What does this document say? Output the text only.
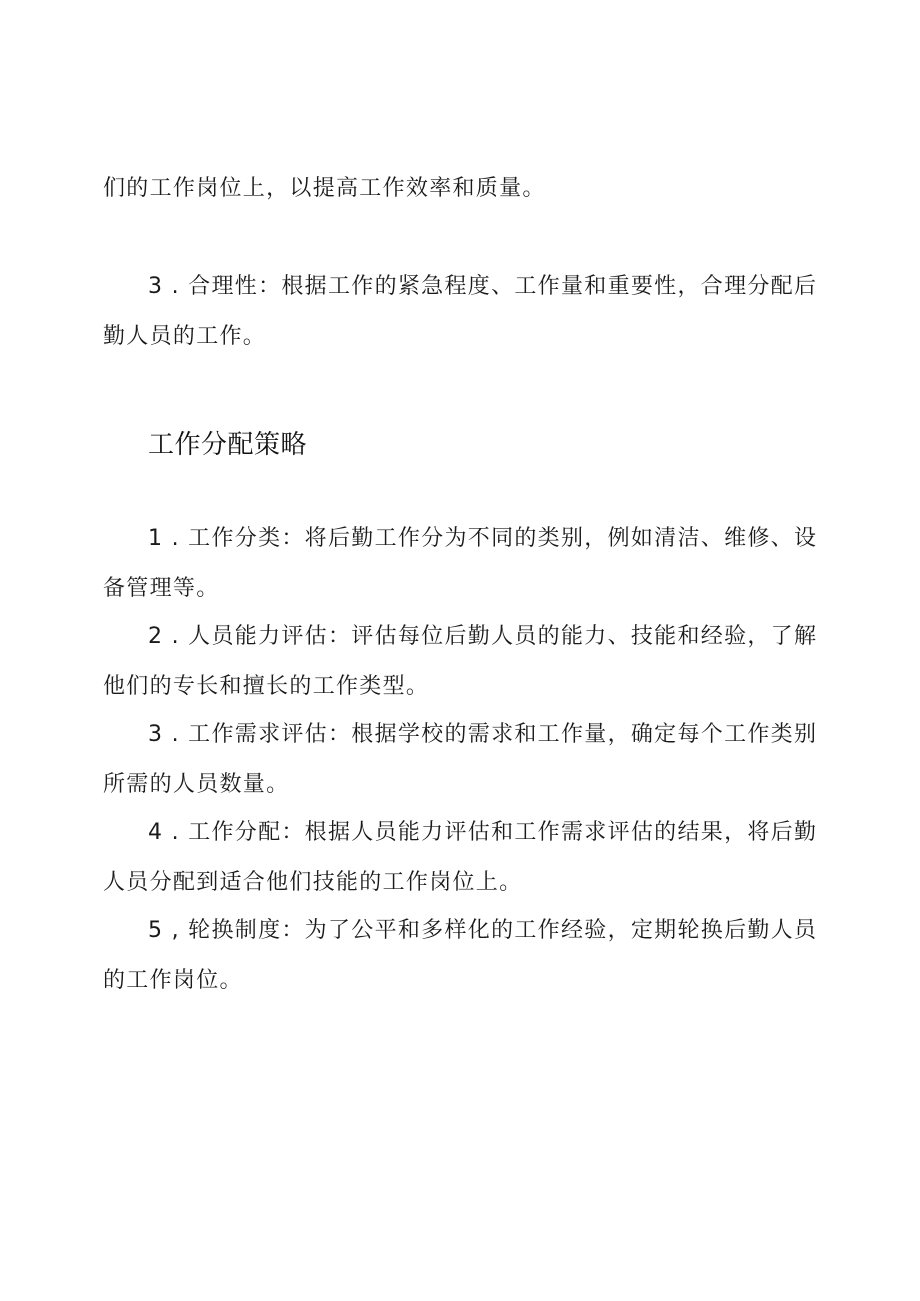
们的工作岗位上，以提高工作效率和质量。

3 . 合理性：根据工作的紧急程度、工作量和重要性，合理分配后勤人员的工作。

工作分配策略

1 . 工作分类：将后勤工作分为不同的类别，例如清洁、维修、设备管理等。

2 . 人员能力评估：评估每位后勤人员的能力、技能和经验，了解他们的专长和擅长的工作类型。

3 . 工作需求评估：根据学校的需求和工作量，确定每个工作类别所需的人员数量。

4 . 工作分配：根据人员能力评估和工作需求评估的结果，将后勤人员分配到适合他们技能的工作岗位上。

5 , 轮换制度：为了公平和多样化的工作经验，定期轮换后勤人员的工作岗位。
